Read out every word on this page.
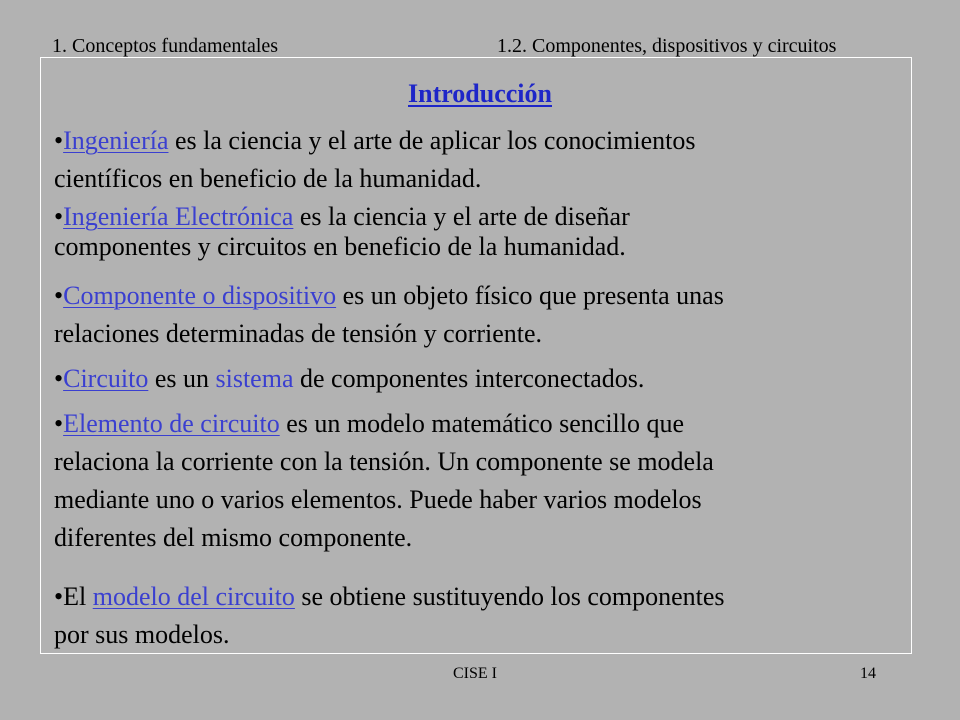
1. Conceptos fundamentales	1.2. Componentes, dispositivos y circuitos
Introducción

•Ingeniería es la ciencia y el arte de aplicar los conocimientos
científicos en beneficio de la humanidad.

•Ingeniería Electrónica es la ciencia y el arte de diseñar
componentes y circuitos en beneficio de la humanidad.

•Componente o dispositivo es un objeto físico que presenta unas
relaciones determinadas de tensión y corriente.

•Circuito es un sistema de componentes interconectados.

•Elemento de circuito es un modelo matemático sencillo que
relaciona la corriente con la tensión. Un componente se modela
mediante uno o varios elementos. Puede haber varios modelos
diferentes del mismo componente.

•El modelo del circuito se obtiene sustituyendo los componentes
por sus modelos.

CISE I	14
